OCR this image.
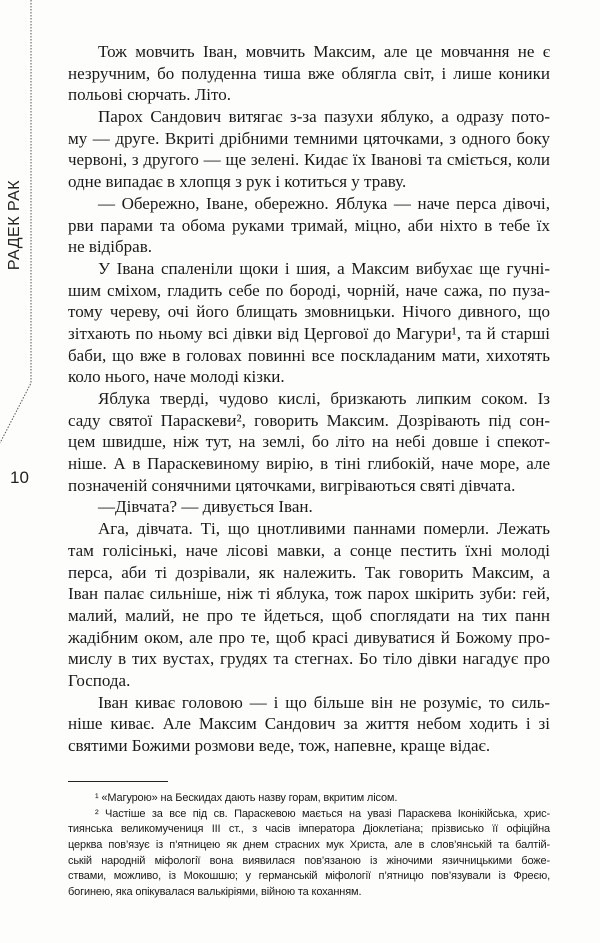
РАДЕК РАК
10
Тож мовчить Іван, мовчить Максим, але це мовчання не є
незручним, бо полуденна тиша вже облягла світ, і лише коники
польові сюрчать. Літо.
Парох Сандович витягає з-за пазухи яблуко, а одразу пото-
му — друге. Вкриті дрібними темними цяточками, з одного боку
червоні, з другого — ще зелені. Кидає їх Іванові та сміється, коли
одне випадає в хлопця з рук і котиться у траву.
— Обережно, Іване, обережно. Яблука — наче перса дівочі,
рви парами та обома руками тримай, міцно, аби ніхто в тебе їх
не відібрав.
У Івана спаленіли щоки і шия, а Максим вибухає ще гучні-
шим сміхом, гладить себе по бороді, чорній, наче сажа, по пуза-
тому череву, очі його блищать змовницьки. Нічого дивного, що
зітхають по ньому всі дівки від Цергової до Магури¹, та й старші
баби, що вже в головах повинні все поскладаним мати, хихотять
коло нього, наче молоді кізки.
Яблука тверді, чудово кислі, бризкають липким соком. Із
саду святої Параскеви², говорить Максим. Дозрівають під сон-
цем швидше, ніж тут, на землі, бо літо на небі довше і спекот-
ніше. А в Параскевиному вирію, в тіні глибокій, наче море, але
позначеній сонячними цяточками, вигріваються святі дівчата.
—Дівчата? — дивується Іван.
Ага, дівчата. Ті, що цнотливими паннами померли. Лежать
там голісінькі, наче лісові мавки, а сонце пестить їхні молоді
перса, аби ті дозрівали, як належить. Так говорить Максим, а
Іван палає сильніше, ніж ті яблука, тож парох шкірить зуби: гей,
малий, малий, не про те йдеться, щоб споглядати на тих панн
жадібним оком, але про те, щоб красі дивуватися й Божому про-
мислу в тих вустах, грудях та стегнах. Бо тіло дівки нагадує про
Господа.
Іван киває головою — і що більше він не розуміє, то силь-
ніше киває. Але Максим Сандович за життя небом ходить і зі
святими Божими розмови веде, тож, напевне, краще відає.
¹ «Магурою» на Бескидах дають назву горам, вкритим лісом.
² Частіше за все під св. Параскевою мається на увазі Параскева Іконікійська, хрис-
тиянська великомучениця III ст., з часів імператора Діоклетіана; прізвисько її офіційна
церква пов’язує із п’ятницею як днем страсних мук Христа, але в слов’янській та балтій-
ській народній міфології вона виявилася пов’язаною із жіночими язичницькими боже-
ствами, можливо, із Мокошшю; у германській міфології п’ятницю пов’язували із Фреєю,
богинею, яка опікувалася валькіріями, війною та коханням.
